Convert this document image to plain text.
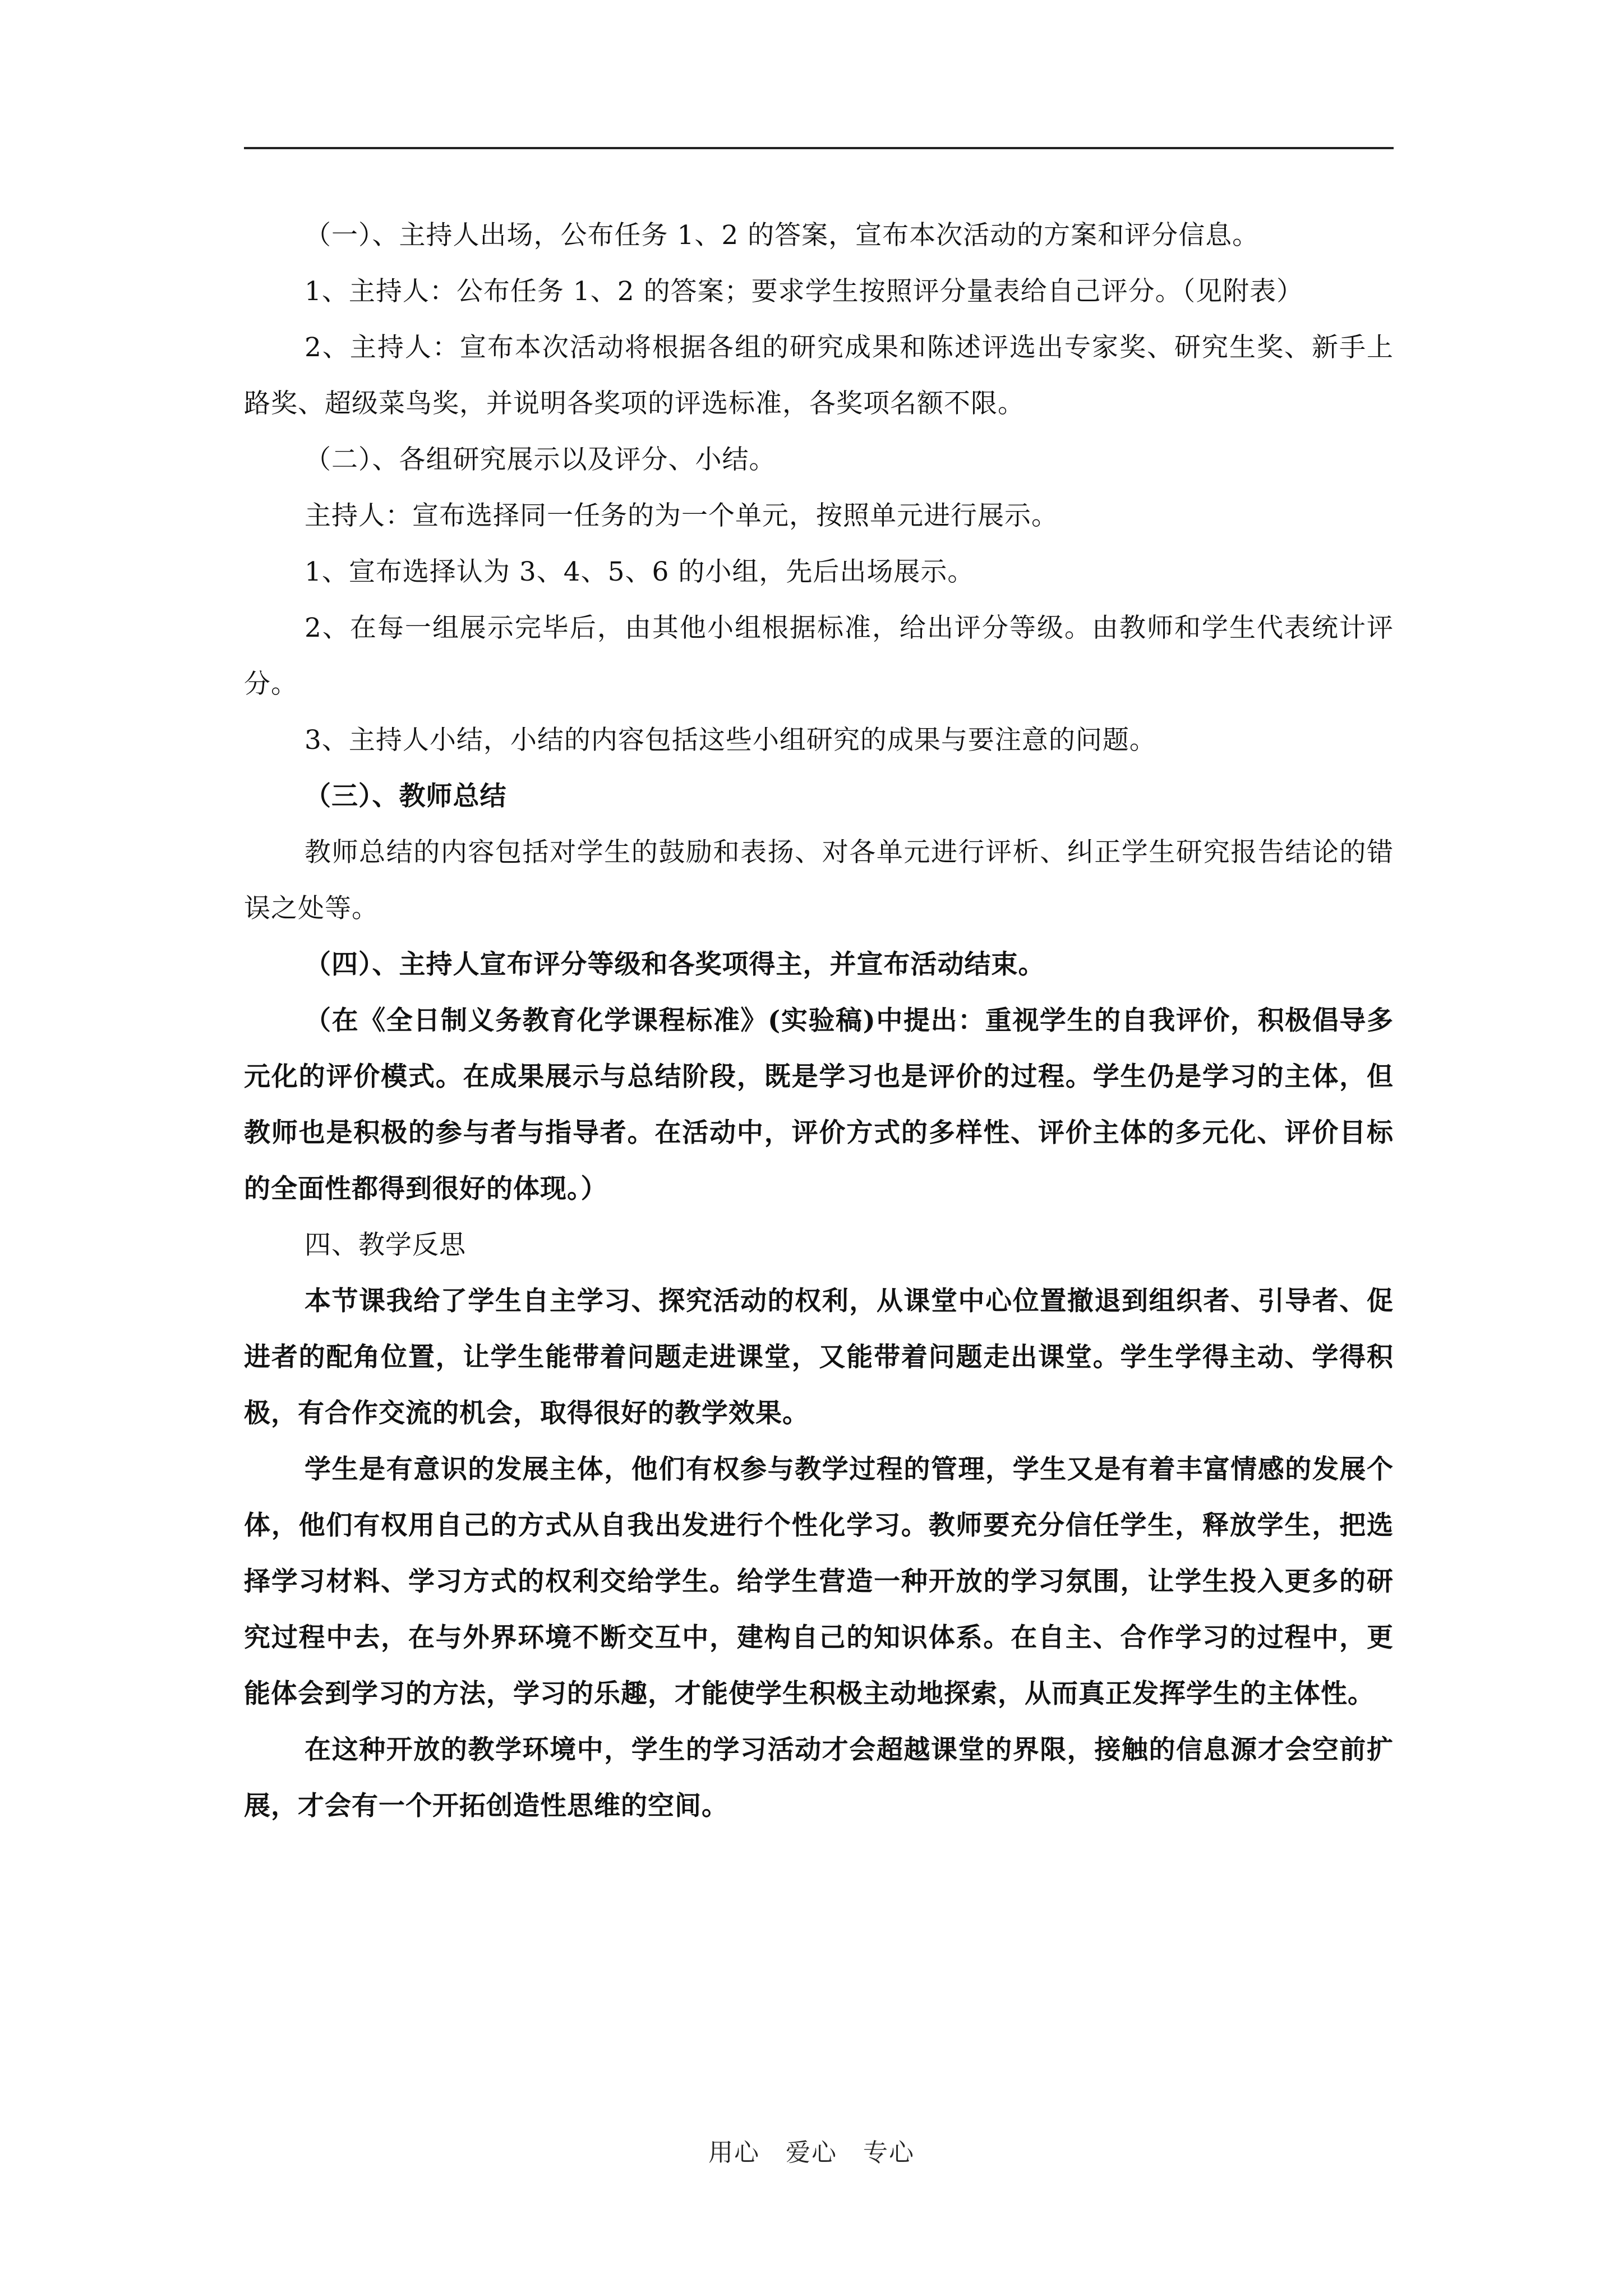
（一）、主持人出场，公布任务 1、2 的答案，宣布本次活动的方案和评分信息。

1、主持人：公布任务 1、2 的答案；要求学生按照评分量表给自己评分。（见附表）

2、主持人：宣布本次活动将根据各组的研究成果和陈述评选出专家奖、研究生奖、新手上路奖、超级菜鸟奖，并说明各奖项的评选标准，各奖项名额不限。

（二）、各组研究展示以及评分、小结。

主持人：宣布选择同一任务的为一个单元，按照单元进行展示。

1、宣布选择认为 3、4、5、6 的小组，先后出场展示。

2、在每一组展示完毕后，由其他小组根据标准，给出评分等级。由教师和学生代表统计评分。

3、主持人小结，小结的内容包括这些小组研究的成果与要注意的问题。

（三）、教师总结

教师总结的内容包括对学生的鼓励和表扬、对各单元进行评析、纠正学生研究报告结论的错误之处等。

（四）、主持人宣布评分等级和各奖项得主，并宣布活动结束。

（在《全日制义务教育化学课程标准》(实验稿)中提出：重视学生的自我评价，积极倡导多元化的评价模式。在成果展示与总结阶段，既是学习也是评价的过程。学生仍是学习的主体，但教师也是积极的参与者与指导者。在活动中，评价方式的多样性、评价主体的多元化、评价目标的全面性都得到很好的体现。）

四、教学反思

本节课我给了学生自主学习、探究活动的权利，从课堂中心位置撤退到组织者、引导者、促进者的配角位置，让学生能带着问题走进课堂，又能带着问题走出课堂。学生学得主动、学得积极，有合作交流的机会，取得很好的教学效果。

学生是有意识的发展主体，他们有权参与教学过程的管理，学生又是有着丰富情感的发展个体，他们有权用自己的方式从自我出发进行个性化学习。教师要充分信任学生，释放学生，把选择学习材料、学习方式的权利交给学生。给学生营造一种开放的学习氛围，让学生投入更多的研究过程中去，在与外界环境不断交互中，建构自己的知识体系。在自主、合作学习的过程中，更能体会到学习的方法，学习的乐趣，才能使学生积极主动地探索，从而真正发挥学生的主体性。

在这种开放的教学环境中，学生的学习活动才会超越课堂的界限，接触的信息源才会空前扩展，才会有一个开拓创造性思维的空间。

用心　爱心　专心
